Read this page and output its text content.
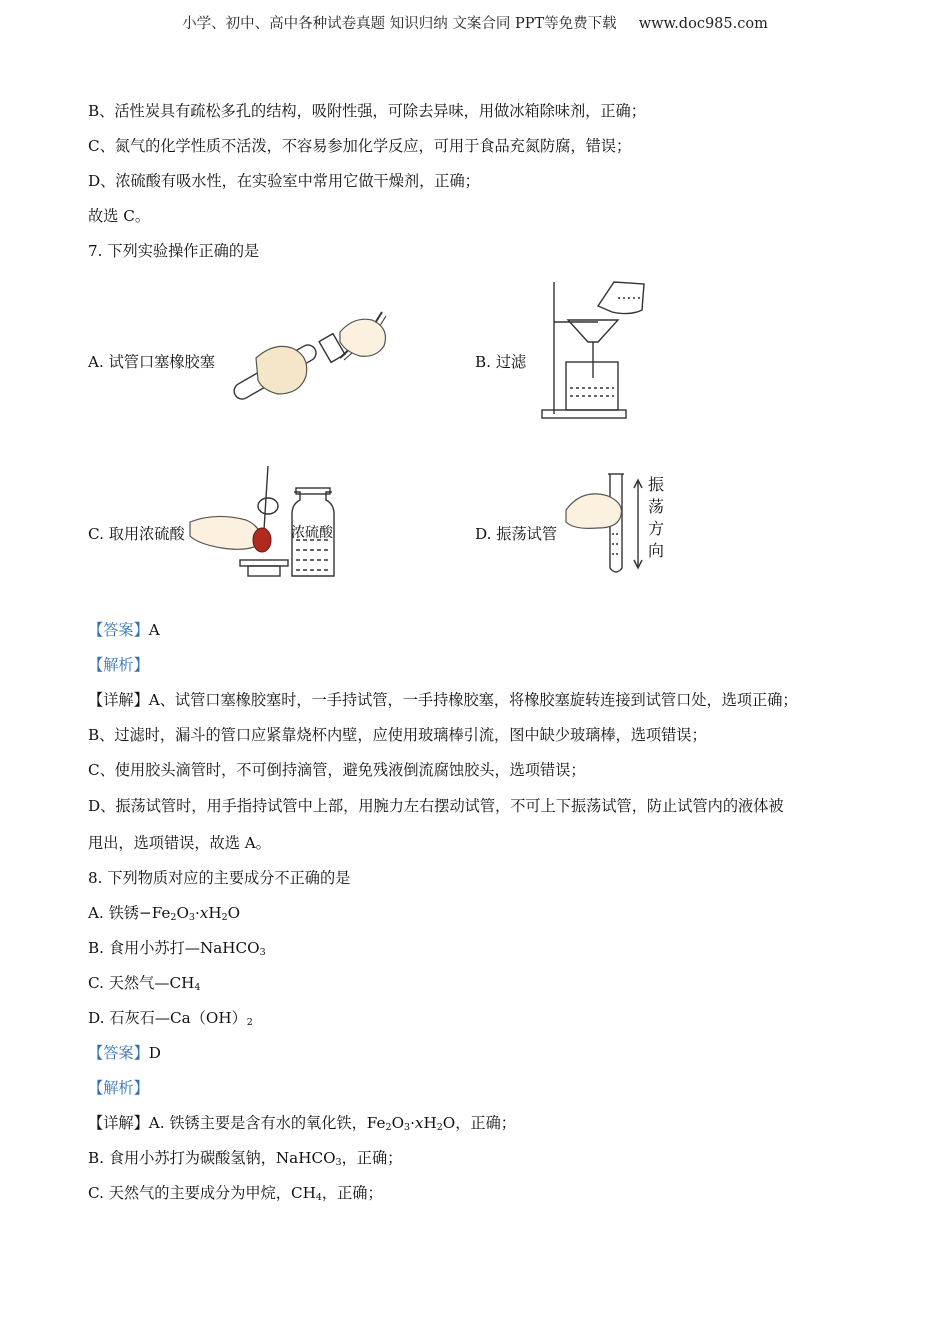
小学、初中、高中各种试卷真题 知识归纳 文案合同 PPT等免费下载 www.doc985.com
B、活性炭具有疏松多孔的结构，吸附性强，可除去异味，用做冰箱除味剂，正确；
C、氮气的化学性质不活泼，不容易参加化学反应，可用于食品充氮防腐，错误；
D、浓硫酸有吸水性，在实验室中常用它做干燥剂，正确；
故选 C。
7. 下列实验操作正确的是
A. 试管口塞橡胶塞	B. 过滤
C. 取用浓硫酸	浓硫酸	D. 振荡试管
振
荡
方
向
【答案】A
【解析】
【详解】A、试管口塞橡胶塞时，一手持试管，一手持橡胶塞，将橡胶塞旋转连接到试管口处，选项正确；
B、过滤时，漏斗的管口应紧靠烧杯内壁，应使用玻璃棒引流，图中缺少玻璃棒，选项错误；
C、使用胶头滴管时，不可倒持滴管，避免残液倒流腐蚀胶头，选项错误；
D、振荡试管时，用手指持试管中上部，用腕力左右摆动试管，不可上下振荡试管，防止试管内的液体被
甩出，选项错误，故选 A。
8. 下列物质对应的主要成分不正确的是
A. 铁锈$-Fe_2O_3\cdot xH_2O$
B. 食用小苏打—NaHCO$_3$
C. 天然气$—CH_4$
D. 石灰石$—Ca(OH)_2$
【答案】D
【解析】
【详解】A. 铁锈主要是含有水的氧化铁，$Fe_2O_3\cdot xH_2O$，正确；
B. 食用小苏打为碳酸氢钠，NaHCO$_3$，正确；
C. 天然气的主要成分为甲烷，$CH_4$，正确；
